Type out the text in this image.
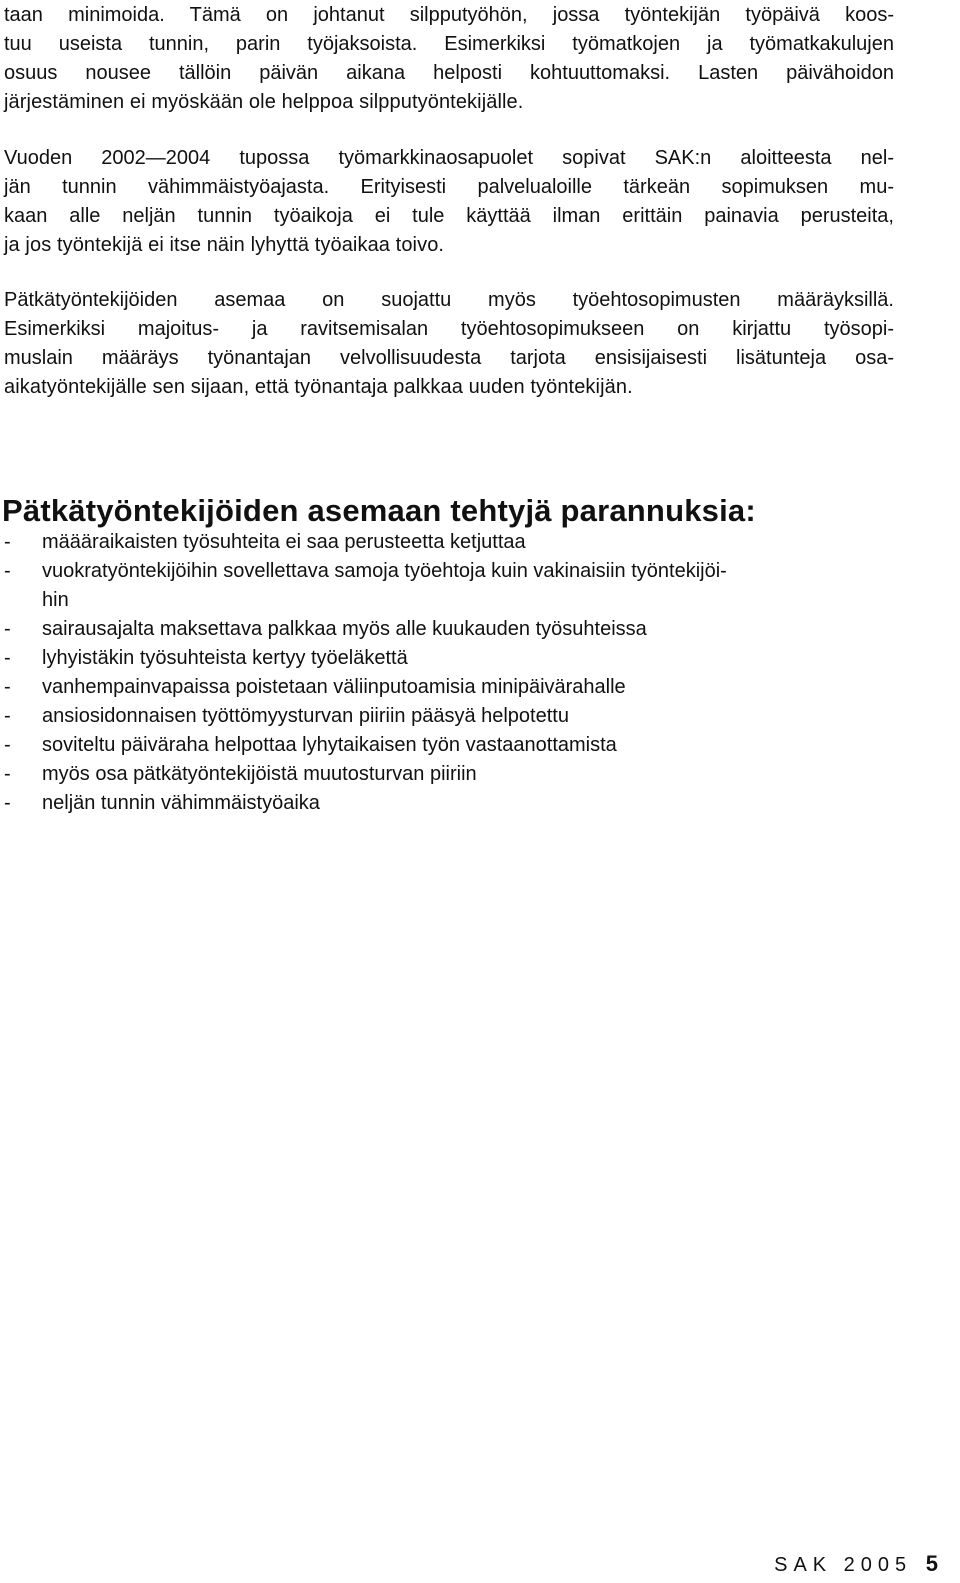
taan minimoida. Tämä on johtanut silpputyöhön, jossa työntekijän työpäivä koos-
tuu useista tunnin, parin työjaksoista. Esimerkiksi työmatkojen ja työmatkakulujen
osuus nousee tällöin päivän aikana helposti kohtuuttomaksi. Lasten päivähoidon
järjestäminen ei myöskään ole helppoa silpputyöntekijälle.
Vuoden 2002—2004 tupossa työmarkkinaosapuolet sopivat SAK:n aloitteesta nel-
jän tunnin vähimmäistyöajasta. Erityisesti palvelualoille tärkeän sopimuksen mu-
kaan alle neljän tunnin työaikoja ei tule käyttää ilman erittäin painavia perusteita,
ja jos työntekijä ei itse näin lyhyttä työaikaa toivo.
Pätkätyöntekijöiden asemaa on suojattu myös työehtosopimusten määräyksillä.
Esimerkiksi majoitus- ja ravitsemisalan työehtosopimukseen on kirjattu työsopi-
muslain määräys työnantajan velvollisuudesta tarjota ensisijaisesti lisätunteja osa-
aikatyöntekijälle sen sijaan, että työnantaja palkkaa uuden työntekijän.
Pätkätyöntekijöiden asemaan tehtyjä parannuksia:
-	määäraikaisten työsuhteita ei saa perusteetta ketjuttaa
-	vuokratyöntekijöihin sovellettava samoja työehtoja kuin vakinaisiin työntekijöi-
hin
-	sairausajalta maksettava palkkaa myös alle kuukauden työsuhteissa
-	lyhyistäkin työsuhteista kertyy työeläkettä
-	vanhempainvapaissa poistetaan väliinputoamisia minipäivärahalle
-	ansiosidonnaisen työttömyysturvan piiriin pääsyä helpotettu
-	soviteltu päiväraha helpottaa lyhytaikaisen työn vastaanottamista
-	myös osa pätkätyöntekijöistä muutosturvan piiriin
-	neljän tunnin vähimmäistyöaika
SAK 2005 5
